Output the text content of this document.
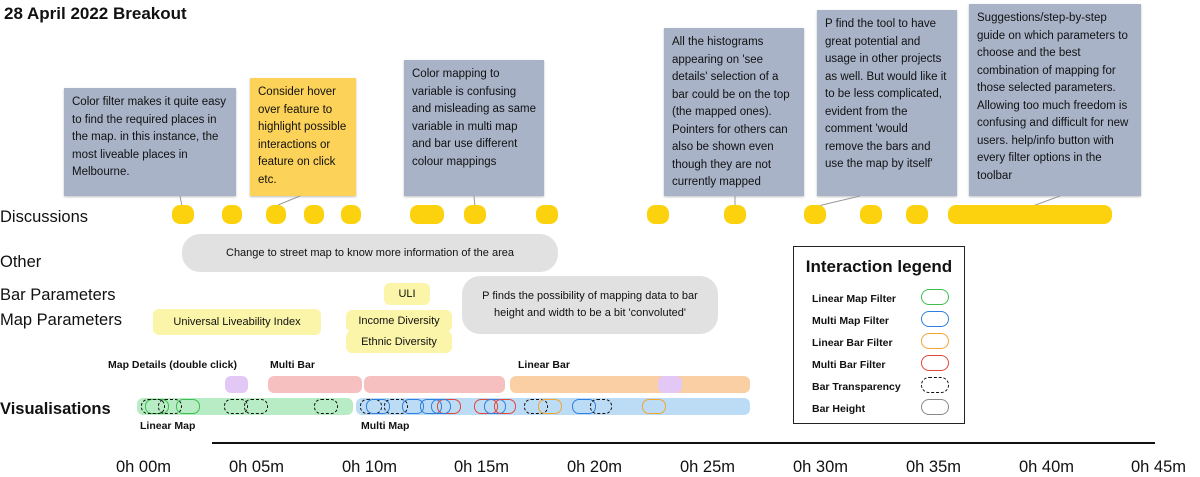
28 April 2022 Breakout
Color filter makes it quite easy to find the required places in the map. in this instance, the most liveable places in Melbourne.
Consider hover over feature to highlight possible interactions or feature on click etc.
Color mapping to variable is confusing and misleading as same variable in multi map and bar use different colour mappings
All the histograms appearing on 'see details' selection of a bar could be on the top (the mapped ones). Pointers for others can also be shown even though they are not currently mapped
P find the tool to have great potential and usage in other projects as well. But would like it to be less complicated, evident from the comment 'would remove the bars and use the map by itself'
Suggestions/step-by-step guide on which parameters to choose and the best combination of mapping for those selected parameters. Allowing too much freedom is confusing and difficult for new users. help/info button with every filter options in the toolbar
Discussions
Other
Bar Parameters
Map Parameters
Visualisations
Change to street map to know more information of the area
P finds the possibility of mapping data to bar height and width to be a bit 'convoluted'
ULI
Universal Liveability Index	Income Diversity
Ethnic Diversity
Map Details (double click)	Multi Bar	Linear Bar
Linear Map	Multi Map
Interaction legend
Linear Map Filter
Multi Map Filter
Linear Bar Filter
Multi Bar Filter
Bar Transparency
Bar Height
0h 00m	0h 05m	0h 10m	0h 15m	0h 20m	0h 25m	0h 30m	0h 35m	0h 40m	0h 45m
